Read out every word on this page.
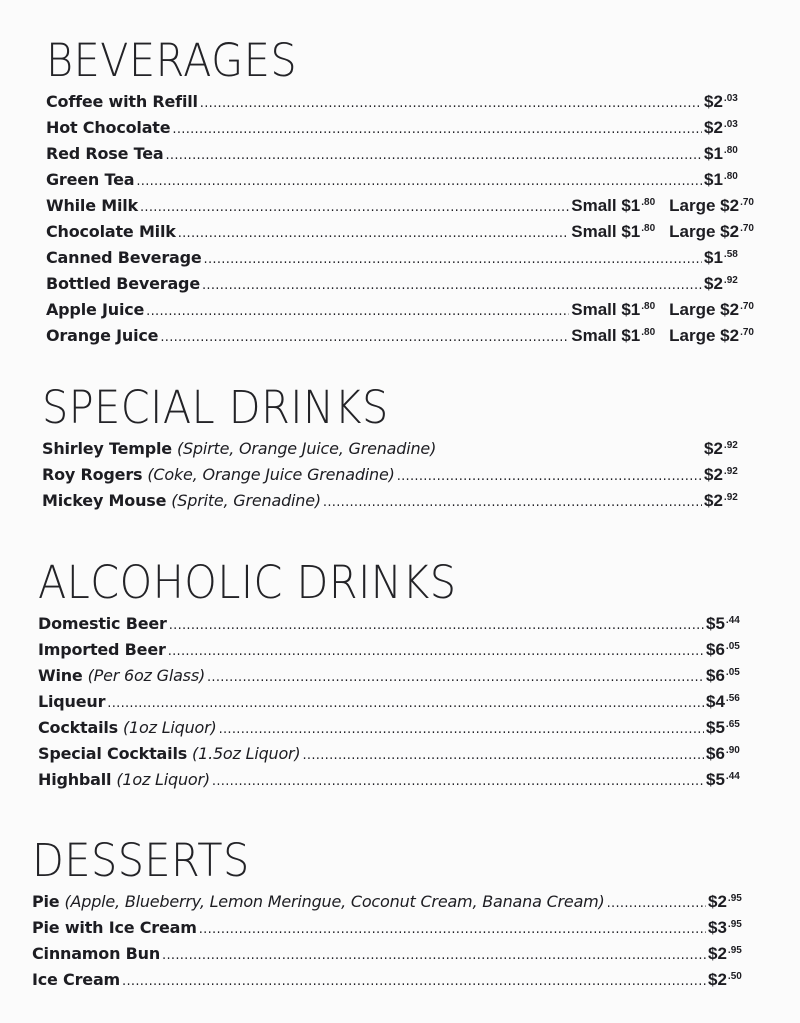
BEVERAGES
Coffee with Refill .....	$\$2^{.03}$
Hot Chocolate .....	$\$2^{.03}$
Red Rose Tea .....	$\$1^{.80}$
Green Tea .....	$\$1^{.80}$
While Milk .....	Small $\$1^{.80}$ Large $\$2^{.70}$
Chocolate Milk .....	Small $\$1^{.80}$ Large $\$2^{.70}$
Canned Beverage .....	$\$1^{.58}$
Bottled Beverage .....	$\$2^{.92}$
Apple Juice .....	Small $\$1^{.80}$ Large $\$2^{.70}$
Orange Juice .....	Small $\$1^{.80}$ Large $\$2^{.70}$
SPECIAL DRINKS
Shirley Temple (Spirte, Orange Juice, Grenadine)	$\$2^{.92}$
Roy Rogers (Coke, Orange Juice Grenadine) .....	$\$2^{.92}$
Mickey Mouse (Sprite, Grenadine) .....	$\$2^{.92}$
ALCOHOLIC DRINKS
Domestic Beer .....	$\$5^{.44}$
Imported Beer .....	$\$6^{.05}$
Wine (Per 6oz Glass) .....	$\$6^{.05}$
Liqueur .....	$\$4^{.56}$
Cocktails (1oz Liquor) .....	$\$5^{.65}$
Special Cocktails (1.5oz Liquor) .....	$\$6^{.90}$
Highball (1oz Liquor) .....	$\$5^{.44}$
DESSERTS
Pie (Apple, Blueberry, Lemon Meringue, Coconut Cream, Banana Cream) .....	$\$2^{.95}$
Pie with Ice Cream .....	$\$3^{.95}$
Cinnamon Bun .....	$\$2^{.95}$
Ice Cream .....	$\$2^{.50}$
